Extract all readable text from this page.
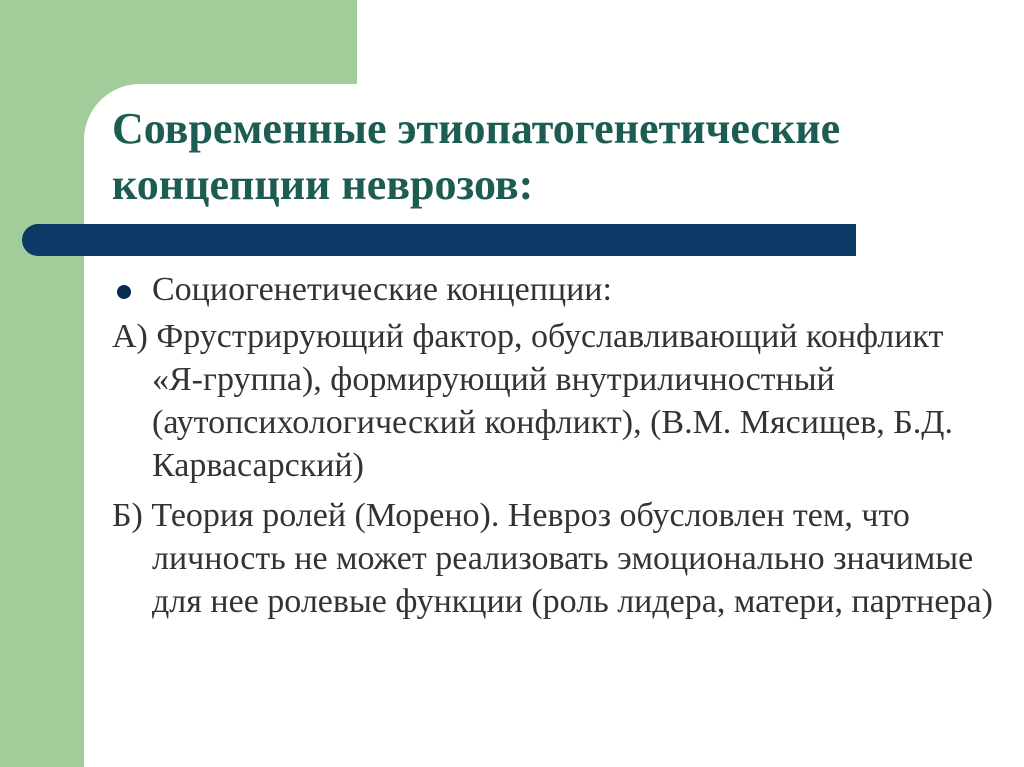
Современные этиопатогенетические
концепции неврозов:
Социогенетические концепции:
А) Фрустрирующий фактор, обуславливающий конфликт «Я-группа), формирующий внутриличностный (аутопсихологический конфликт), (В.М. Мясищев, Б.Д. Карвасарский)
Б) Теория ролей (Морено). Невроз обусловлен тем, что личность не может реализовать эмоционально значимые для нее ролевые функции (роль лидера, матери, партнера)
